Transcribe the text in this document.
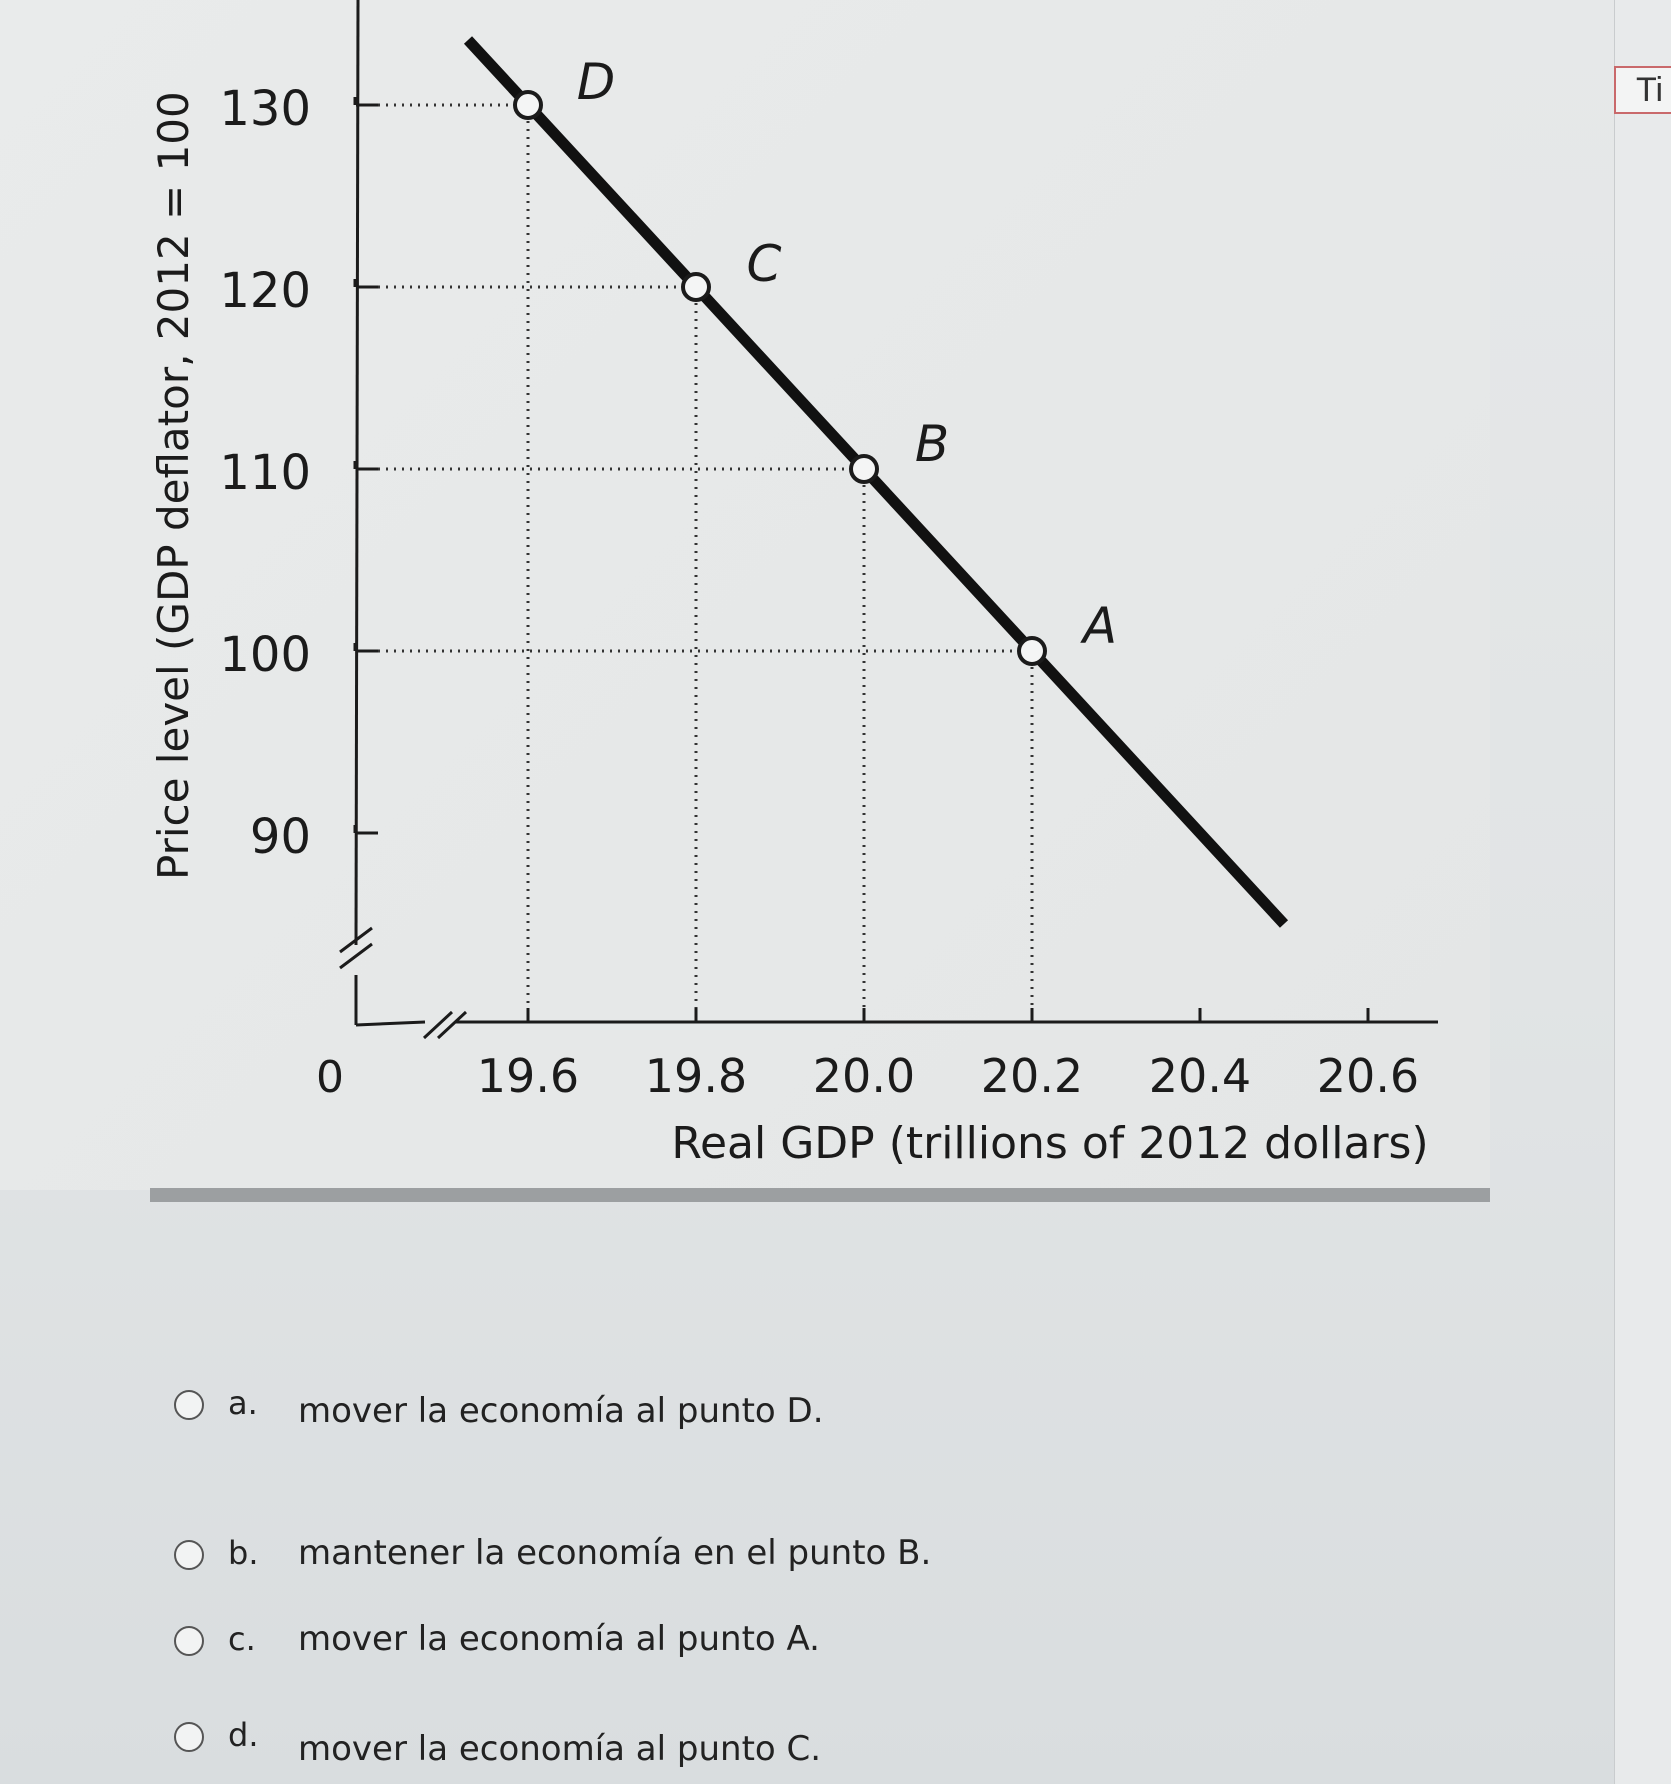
130
120
110
100
90
19.6 19.8 20.0 20.2 20.4 20.6
D
C
B
A
Price level (GDP deflator, 2012 = 100
Real GDP (trillions of 2012 dollars)
0
Ti
a. mover la economía al punto D.
b. mantener la economía en el punto B.
c. mover la economía al punto A.
d. mover la economía al punto C.
